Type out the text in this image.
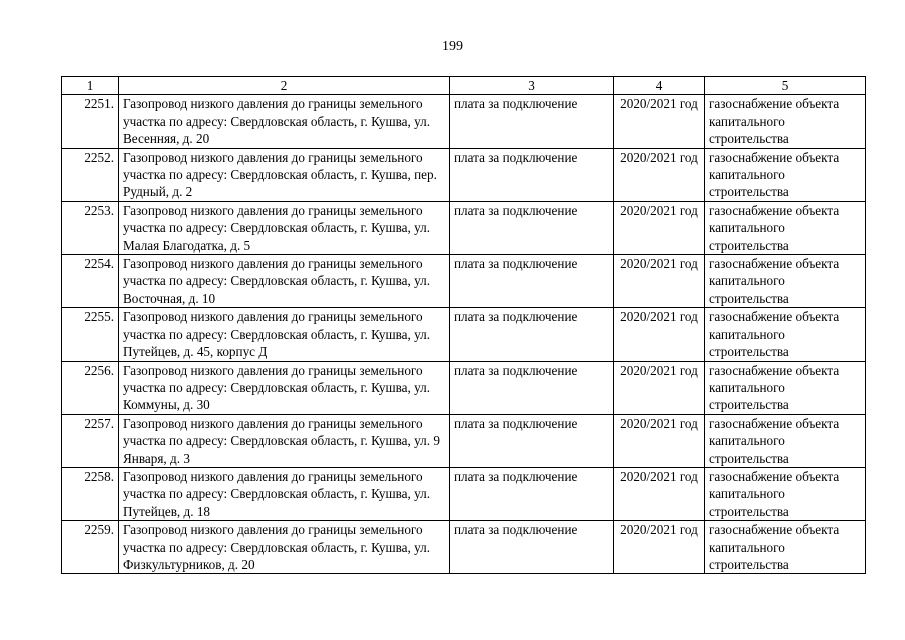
199
1	2	3	4	5
2251.	Газопровод низкого давления до границы земельного участка по адресу: Свердловская область, г. Кушва, ул. Весенняя, д. 20	плата за подключение	2020/2021 год	газоснабжение объекта капитального строительства
2252.	Газопровод низкого давления до границы земельного участка по адресу: Свердловская область, г. Кушва, пер. Рудный, д. 2	плата за подключение	2020/2021 год	газоснабжение объекта капитального строительства
2253.	Газопровод низкого давления до границы земельного участка по адресу: Свердловская область, г. Кушва, ул. Малая Благодатка, д. 5	плата за подключение	2020/2021 год	газоснабжение объекта капитального строительства
2254.	Газопровод низкого давления до границы земельного участка по адресу: Свердловская область, г. Кушва, ул. Восточная, д. 10	плата за подключение	2020/2021 год	газоснабжение объекта капитального строительства
2255.	Газопровод низкого давления до границы земельного участка по адресу: Свердловская область, г. Кушва, ул. Путейцев, д. 45, корпус Д	плата за подключение	2020/2021 год	газоснабжение объекта капитального строительства
2256.	Газопровод низкого давления до границы земельного участка по адресу: Свердловская область, г. Кушва, ул. Коммуны, д. 30	плата за подключение	2020/2021 год	газоснабжение объекта капитального строительства
2257.	Газопровод низкого давления до границы земельного участка по адресу: Свердловская область, г. Кушва, ул. 9 Января, д. 3	плата за подключение	2020/2021 год	газоснабжение объекта капитального строительства
2258.	Газопровод низкого давления до границы земельного участка по адресу: Свердловская область, г. Кушва, ул. Путейцев, д. 18	плата за подключение	2020/2021 год	газоснабжение объекта капитального строительства
2259.	Газопровод низкого давления до границы земельного участка по адресу: Свердловская область, г. Кушва, ул. Физкультурников, д. 20	плата за подключение	2020/2021 год	газоснабжение объекта капитального строительства
